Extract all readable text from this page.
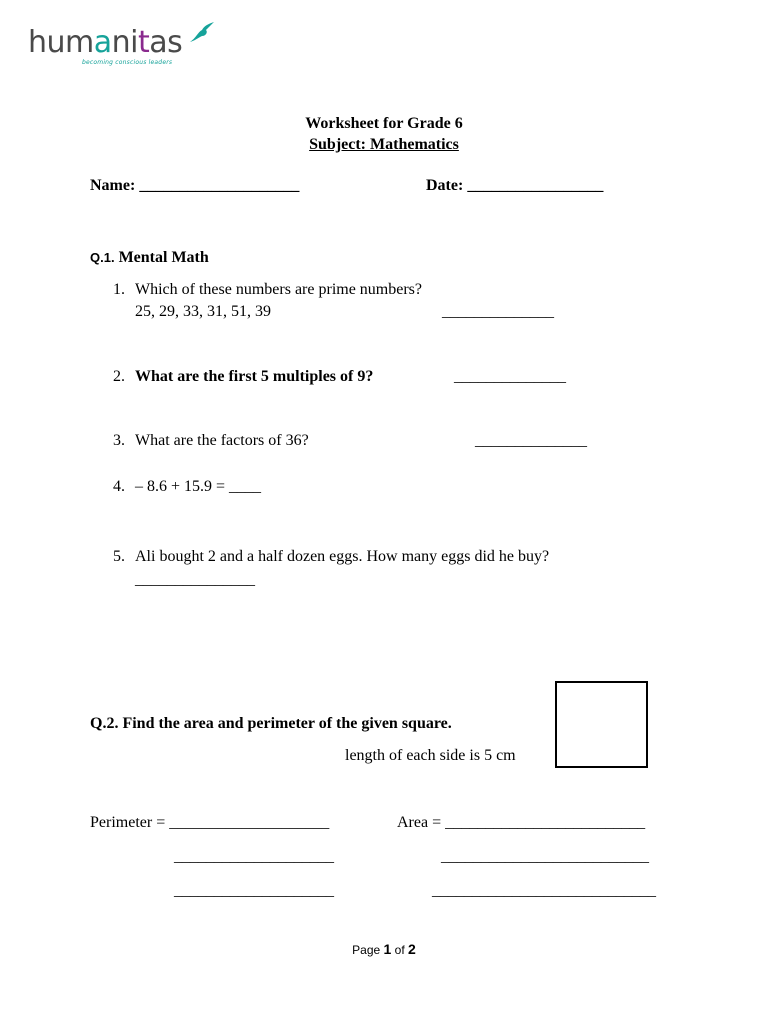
humanitas
becoming conscious leaders
Worksheet for Grade 6
Subject: Mathematics
Name: ____________________	Date: _________________
Q.1. Mental Math
1. Which of these numbers are prime numbers?
25, 29, 33, 31, 51, 39	______________
2. What are the first 5 multiples of 9?	______________
3. What are the factors of 36?	______________
4. – 8.6 + 15.9 = ____
5. Ali bought 2 and a half dozen eggs. How many eggs did he buy?
_______________
Q.2. Find the area and perimeter of the given square.
length of each side is 5 cm
Perimeter = ____________________	Area = _________________________
____________________	__________________________
____________________	____________________________
Page 1 of 2
